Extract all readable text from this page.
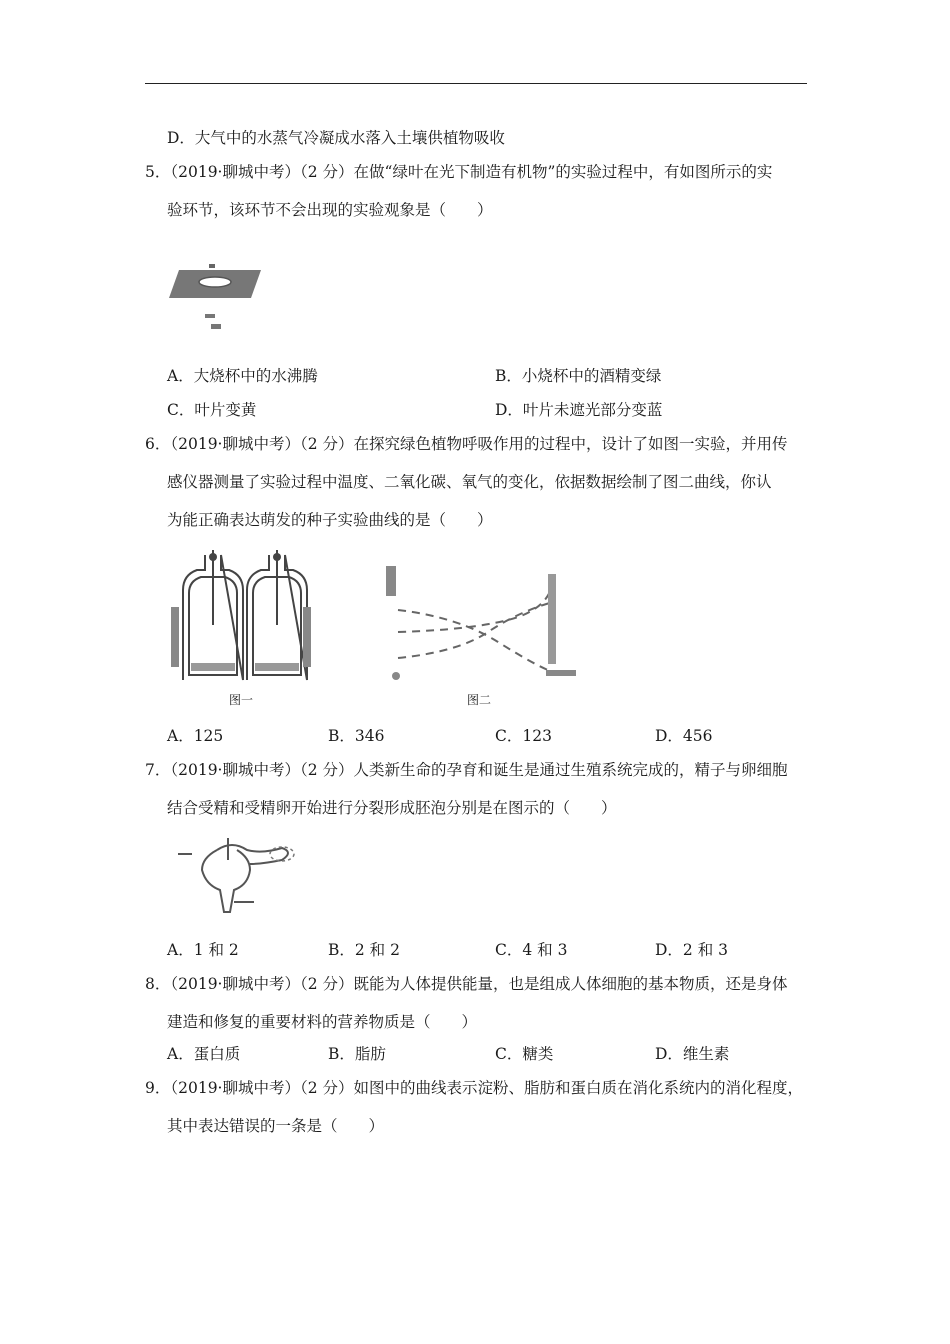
D．大气中的水蒸气冷凝成水落入土壤供植物吸收
5．（2019·聊城中考）（2 分）在做“绿叶在光下制造有机物”的实验过程中，有如图所示的实
验环节，该环节不会出现的实验观象是（　　）
A．大烧杯中的水沸腾	B．小烧杯中的酒精变绿
C．叶片变黄	D．叶片未遮光部分变蓝
6．（2019·聊城中考）（2 分）在探究绿色植物呼吸作用的过程中，设计了如图一实验，并用传
感仪器测量了实验过程中温度、二氧化碳、氧气的变化，依据数据绘制了图二曲线，你认
为能正确表达萌发的种子实验曲线的是（　　）
图一	图二
A．125	B．346	C．123	D．456
7．（2019·聊城中考）（2 分）人类新生命的孕育和诞生是通过生殖系统完成的，精子与卵细胞
结合受精和受精卵开始进行分裂形成胚泡分别是在图示的（　　）
A．1 和 2	B．2 和 2	C．4 和 3	D．2 和 3
8．（2019·聊城中考）（2 分）既能为人体提供能量，也是组成人体细胞的基本物质，还是身体
建造和修复的重要材料的营养物质是（　　）
A．蛋白质	B．脂肪	C．糖类	D．维生素
9．（2019·聊城中考）（2 分）如图中的曲线表示淀粉、脂肪和蛋白质在消化系统内的消化程度，
其中表达错误的一条是（　　）
